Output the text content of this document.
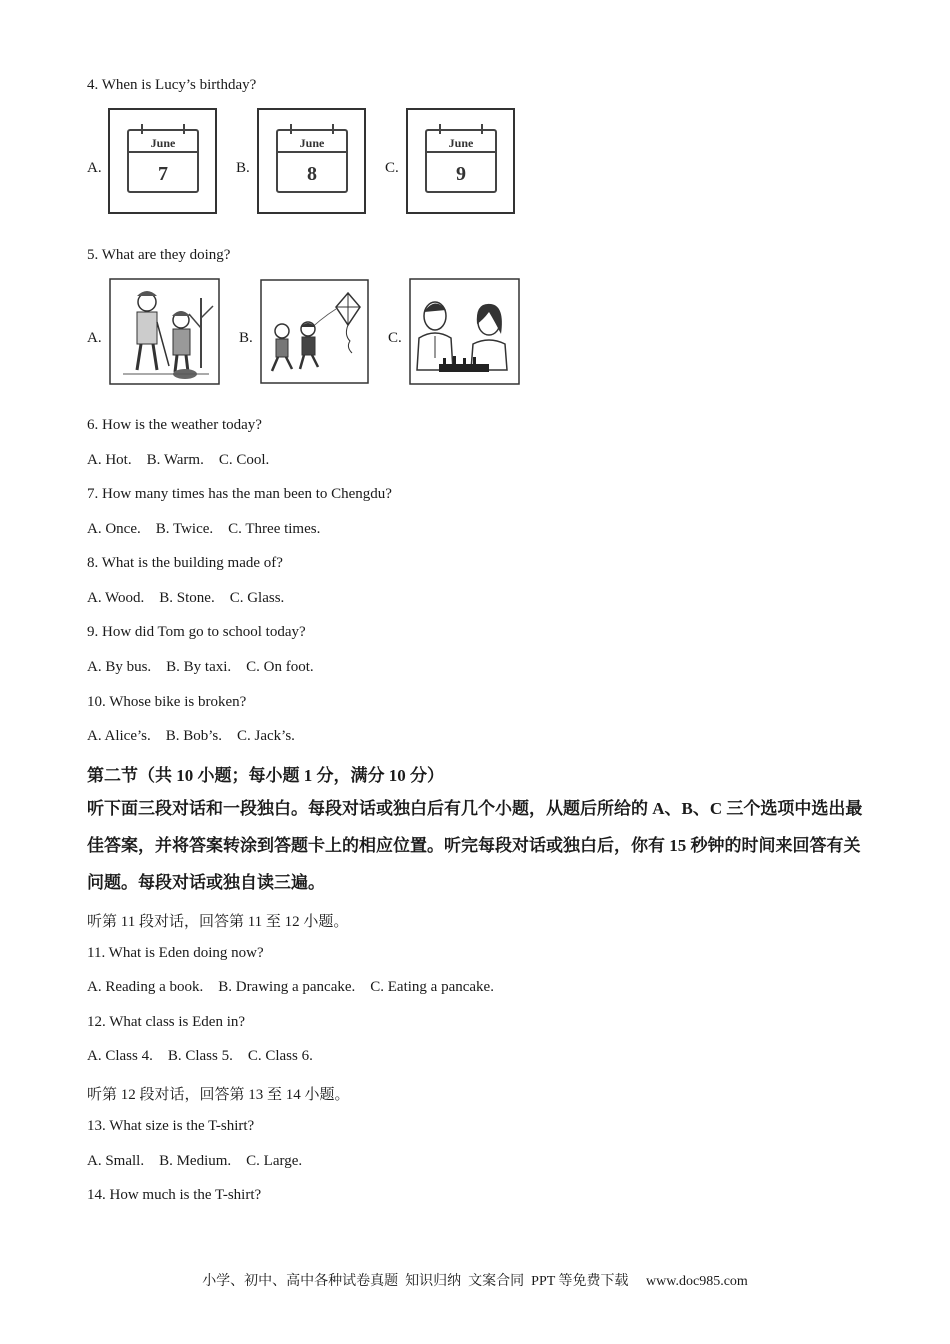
4. When is Lucy’s birthday?
A.
June
7	B.
June
8	C.
June
9
5. What are they doing?
A.	B.	C.
6. How is the weather today?
A. Hot.    B. Warm.    C. Cool.
7. How many times has the man been to Chengdu?
A. Once.    B. Twice.    C. Three times.
8. What is the building made of?
A. Wood.    B. Stone.    C. Glass.
9. How did Tom go to school today?
A. By bus.    B. By taxi.    C. On foot.
10. Whose bike is broken?
A. Alice’s.    B. Bob’s.    C. Jack’s.
第二节（共 10 小题；每小题 1 分，满分 10 分）
听下面三段对话和一段独白。每段对话或独白后有几个小题，从题后所给的 A、B、C 三个选项中选出最佳答案，并将答案转涂到答题卡上的相应位置。听完每段对话或独白后，你有 15 秒钟的时间来回答有关问题。每段对话或独自读三遍。
听第 11 段对话，回答第 11 至 12 小题。
11. What is Eden doing now?
A. Reading a book.    B. Drawing a pancake.    C. Eating a pancake.
12. What class is Eden in?
A. Class 4.    B. Class 5.    C. Class 6.
听第 12 段对话，回答第 13 至 14 小题。
13. What size is the T-shirt?
A. Small.    B. Medium.    C. Large.
14. How much is the T-shirt?
小学、初中、高中各种试卷真题  知识归纳  文案合同  PPT 等免费下载     www.doc985.com
